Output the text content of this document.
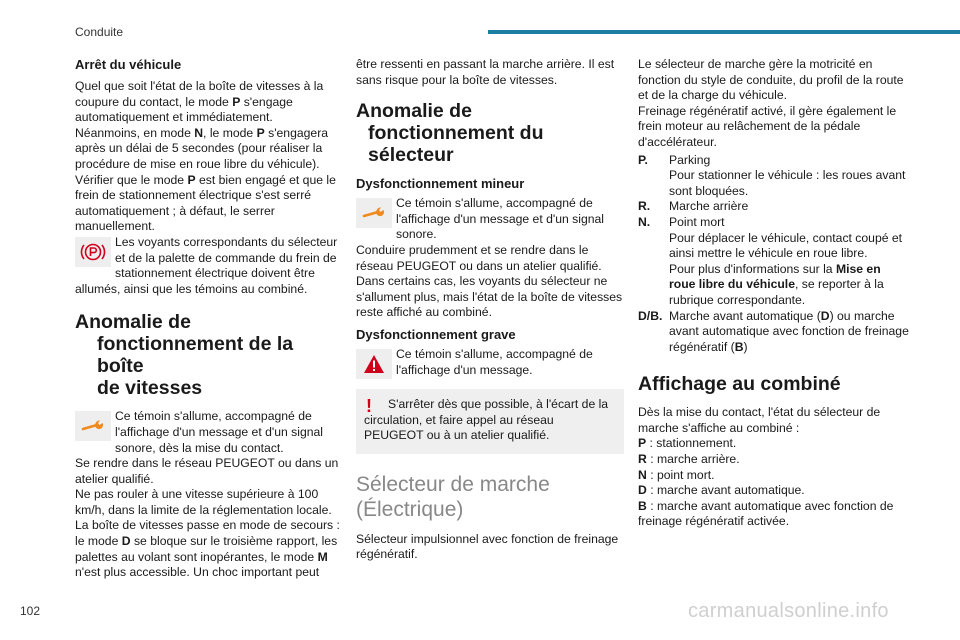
Conduite
Arrêt du véhicule

Quel que soit l'état de la boîte de vitesses à la coupure du contact, le mode P s'engage automatiquement et immédiatement.

Néanmoins, en mode N, le mode P s'engagera après un délai de 5 secondes (pour réaliser la procédure de mise en roue libre du véhicule).

Vérifier que le mode P est bien engagé et que le frein de stationnement électrique s'est serré automatiquement ; à défaut, le serrer manuellement.

Les voyants correspondants du sélecteur et de la palette de commande du frein de stationnement électrique doivent être allumés, ainsi que les témoins au combiné.

Anomalie de
fonctionnement de la boîte
de vitesses

Ce témoin s'allume, accompagné de l'affichage d'un message et d'un signal sonore, dès la mise du contact.

Se rendre dans le réseau PEUGEOT ou dans un atelier qualifié.

Ne pas rouler à une vitesse supérieure à 100 km/h, dans la limite de la réglementation locale.

La boîte de vitesses passe en mode de secours : le mode D se bloque sur le troisième rapport, les palettes au volant sont inopérantes, le mode M n'est plus accessible. Un choc important peut

être ressenti en passant la marche arrière. Il est sans risque pour la boîte de vitesses.

Anomalie de
fonctionnement du
sélecteur
Dysfonctionnement mineur

Ce témoin s'allume, accompagné de l'affichage d'un message et d'un signal sonore.

Conduire prudemment et se rendre dans le réseau PEUGEOT ou dans un atelier qualifié.

Dans certains cas, les voyants du sélecteur ne s'allument plus, mais l'état de la boîte de vitesses reste affiché au combiné.

Dysfonctionnement grave

Ce témoin s'allume, accompagné de l'affichage d'un message.

!	S'arrêter dès que possible, à l'écart de la circulation, et faire appel au réseau PEUGEOT ou à un atelier qualifié.
Sélecteur de marche
(Électrique)

Sélecteur impulsionnel avec fonction de freinage régénératif.

Le sélecteur de marche gère la motricité en fonction du style de conduite, du profil de la route et de la charge du véhicule.

Freinage régénératif activé, il gère également le frein moteur au relâchement de la pédale d'accélérateur.

P.	Parking
Pour stationner le véhicule : les roues avant sont bloquées.
R.	Marche arrière
N.	Point mort
Pour déplacer le véhicule, contact coupé et ainsi mettre le véhicule en roue libre.
Pour plus d'informations sur la Mise en roue libre du véhicule, se reporter à la rubrique correspondante.
D/B. Marche avant automatique (D) ou marche avant automatique avec fonction de freinage régénératif (B)
Affichage au combiné

Dès la mise du contact, l'état du sélecteur de marche s'affiche au combiné :

P : stationnement.

R : marche arrière.

N : point mort.

D : marche avant automatique.

B : marche avant automatique avec fonction de freinage régénératif activée.

102	carmanualsonline.info
